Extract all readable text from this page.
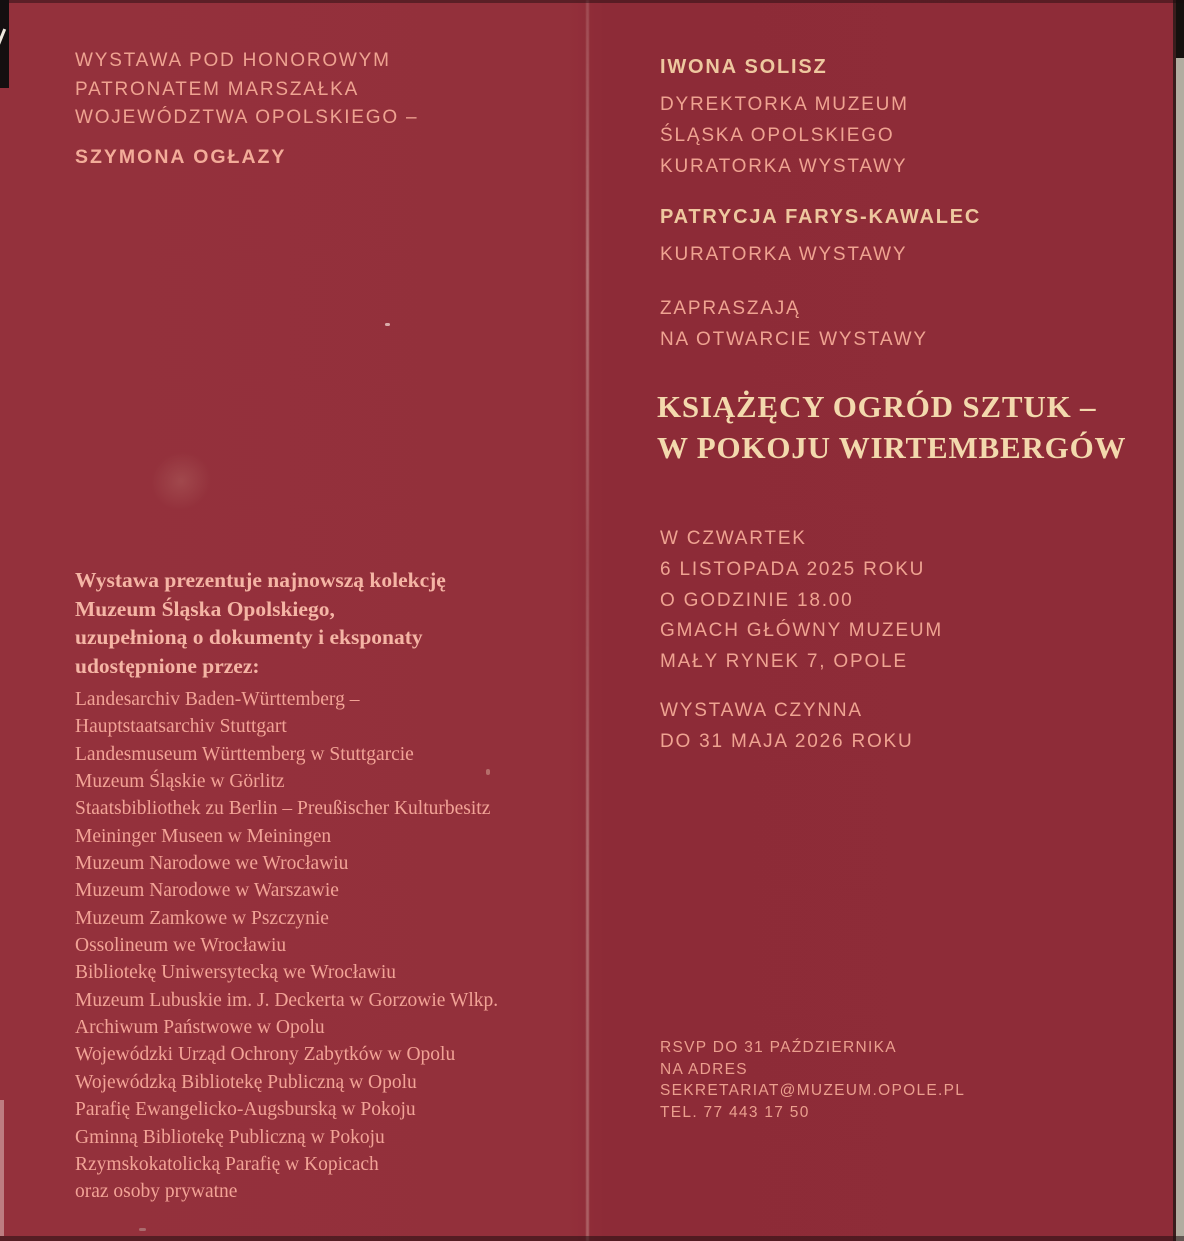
WYSTAWA POD HONOROWYM
PATRONATEM MARSZAŁKA
WOJEWÓDZTWA OPOLSKIEGO –
SZYMONA OGŁAZY
Wystawa prezentuje najnowszą kolekcję
Muzeum Śląska Opolskiego,
uzupełnioną o dokumenty i eksponaty
udostępnione przez:
Landesarchiv Baden-Württemberg –
Hauptstaatsarchiv Stuttgart
Landesmuseum Württemberg w Stuttgarcie
Muzeum Śląskie w Görlitz
Staatsbibliothek zu Berlin – Preußischer Kulturbesitz
Meininger Museen w Meiningen
Muzeum Narodowe we Wrocławiu
Muzeum Narodowe w Warszawie
Muzeum Zamkowe w Pszczynie
Ossolineum we Wrocławiu
Bibliotekę Uniwersytecką we Wrocławiu
Muzeum Lubuskie im. J. Deckerta w Gorzowie Wlkp.
Archiwum Państwowe w Opolu
Wojewódzki Urząd Ochrony Zabytków w Opolu
Wojewódzką Bibliotekę Publiczną w Opolu
Parafię Ewangelicko-Augsburską w Pokoju
Gminną Bibliotekę Publiczną w Pokoju
Rzymskokatolicką Parafię w Kopicach
oraz osoby prywatne
IWONA SOLISZ
DYREKTORKA MUZEUM
ŚLĄSKA OPOLSKIEGO
KURATORKA WYSTAWY
PATRYCJA FARYS-KAWALEC
KURATORKA WYSTAWY
ZAPRASZAJĄ
NA OTWARCIE WYSTAWY
KSIĄŻĘCY OGRÓD SZTUK –
W POKOJU WIRTEMBERGÓW
W CZWARTEK
6 LISTOPADA 2025 ROKU
O GODZINIE 18.00
GMACH GŁÓWNY MUZEUM
MAŁY RYNEK 7, OPOLE
WYSTAWA CZYNNA
DO 31 MAJA 2026 ROKU
RSVP DO 31 PAŹDZIERNIKA
NA ADRES
SEKRETARIAT@MUZEUM.OPOLE.PL
TEL. 77 443 17 50
